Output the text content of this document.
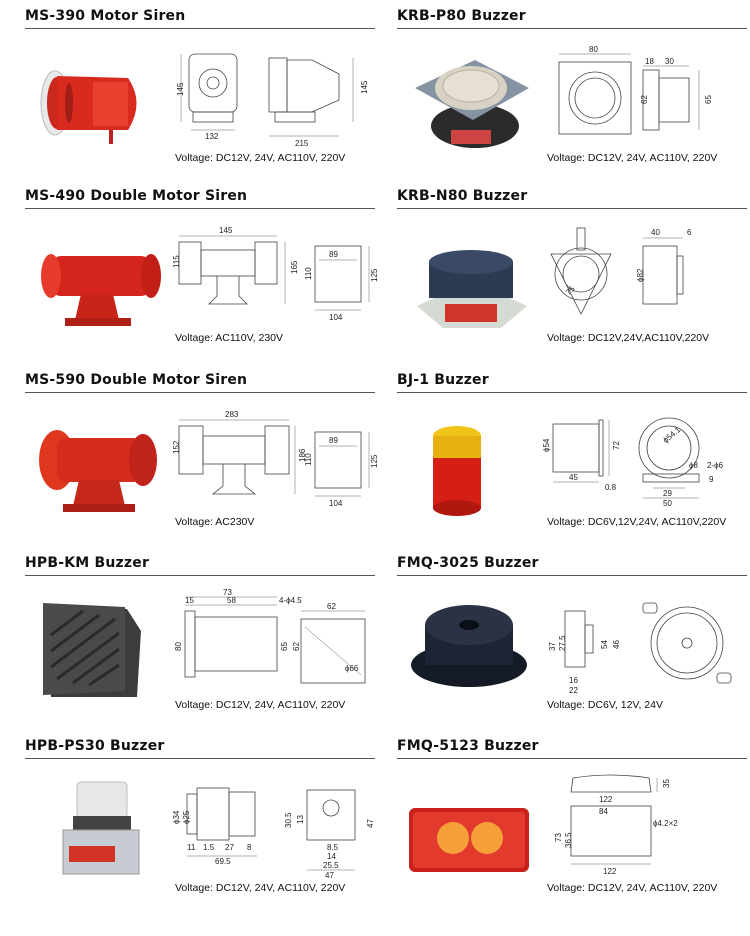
MS-390 Motor Siren
145
132
215
145
Voltage: DC12V, 24V, AC110V, 220V
KRB-P80 Buzzer
80
18 30
62	65
Voltage: DC12V, 24V, AC110V, 220V
MS-490 Double Motor Siren
145
115	165
89
110	125
104
Voltage: AC110V, 230V
KRB-N80 Buzzer
75
40	6
ϕ82
Voltage: DC12V,24V,AC110V,220V
MS-590 Double Motor Siren
283
152
186
89
110	125
104
Voltage: AC230V
BJ-1 Buzzer
ϕ54	72
45
0.8
ϕ54.1
ϕ8 2-ϕ6
9
29
50
Voltage: DC6V,12V,24V, AC110V,220V
HPB-KM Buzzer
73
15	58	4-ϕ4.5
80	65 62
62
ϕ66
Voltage: DC12V, 24V, AC110V, 220V
FMQ-3025 Buzzer
37 27.5	54 46
16
22
Voltage: DC6V, 12V, 24V
HPB-PS30 Buzzer
ϕ34 ϕ25
11 1.5 27 8
69.5
30.5 13	47
8.5
14
25.5
47
Voltage: DC12V, 24V, AC110V, 220V
FMQ-5123 Buzzer
35
122
84
ϕ4.2×2
73 36.5
122
Voltage: DC12V, 24V, AC110V, 220V
